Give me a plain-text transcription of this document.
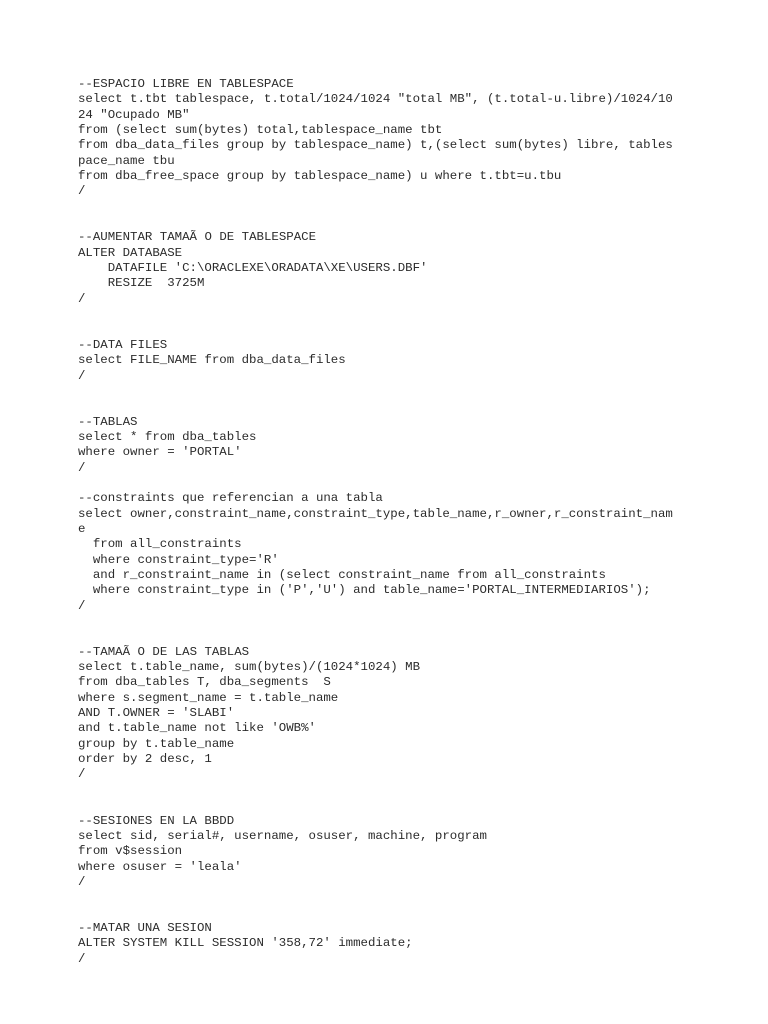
--ESPACIO LIBRE EN TABLESPACE
select t.tbt tablespace, t.total/1024/1024 "total MB", (t.total-u.libre)/1024/10
24 "Ocupado MB"
from (select sum(bytes) total,tablespace_name tbt
from dba_data_files group by tablespace_name) t,(select sum(bytes) libre, tables
pace_name tbu
from dba_free_space group by tablespace_name) u where t.tbt=u.tbu
/
--AUMENTAR TAMAÃO DE TABLESPACE
ALTER DATABASE
DATAFILE 'C:\ORACLEXE\ORADATA\XE\USERS.DBF'
RESIZE  3725M
/
--DATA FILES
select FILE_NAME from dba_data_files
/
--TABLAS
select * from dba_tables
where owner = 'PORTAL'
/
--constraints que referencian a una tabla
select owner,constraint_name,constraint_type,table_name,r_owner,r_constraint_nam
e
from all_constraints
where constraint_type='R'
and r_constraint_name in (select constraint_name from all_constraints
where constraint_type in ('P','U') and table_name='PORTAL_INTERMEDIARIOS');
/
--TAMAÃO DE LAS TABLAS
select t.table_name, sum(bytes)/(1024*1024) MB
from dba_tables T, dba_segments  S
where s.segment_name = t.table_name
AND T.OWNER = 'SLABI'
and t.table_name not like 'OWB%'
group by t.table_name
order by 2 desc, 1
/
--SESIONES EN LA BBDD
select sid, serial#, username, osuser, machine, program
from v$session
where osuser = 'leala'
/
--MATAR UNA SESION
ALTER SYSTEM KILL SESSION '358,72' immediate;
/
